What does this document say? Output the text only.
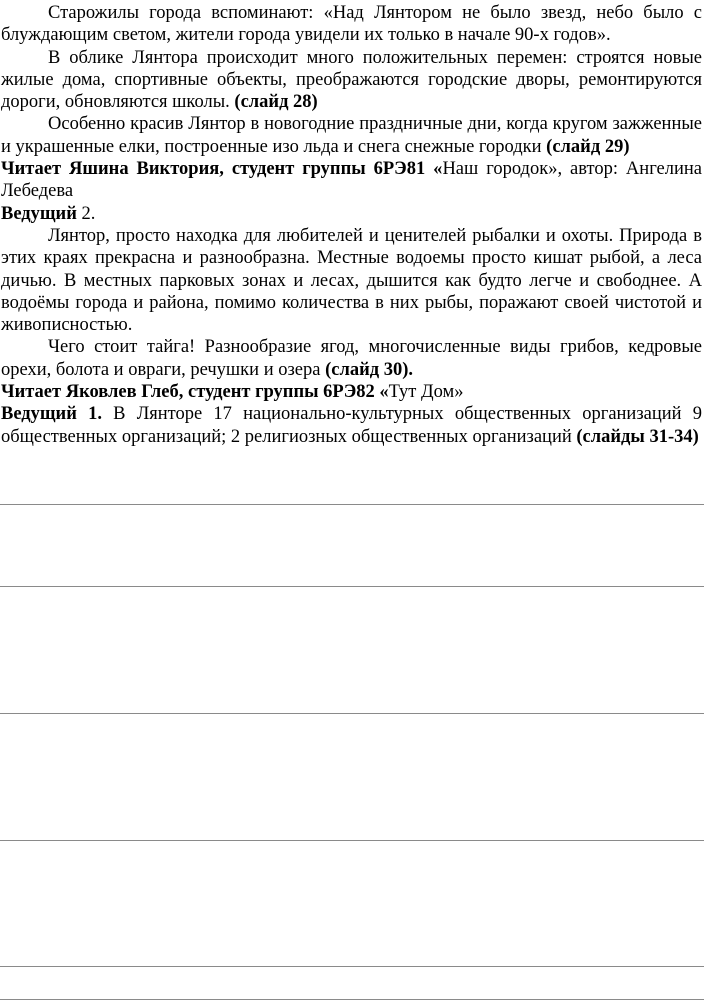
Старожилы города вспоминают: «Над Лянтором не было звезд, небо было с блуждающим светом, жители города увидели их только в начале 90-х годов».

В облике Лянтора происходит много положительных перемен: строятся новые жилые дома, спортивные объекты, преображаются городские дворы, ремонтируются дороги, обновляются школы. (слайд 28)

Особенно красив Лянтор в новогодние праздничные дни, когда кругом зажженные и украшенные елки, построенные изо льда и снега снежные городки (слайд 29)

Читает Яшина Виктория, студент группы 6РЭ81 «Наш городок», автор: Ангелина Лебедева

Ведущий 2.

Лянтор, просто находка для любителей и ценителей рыбалки и охоты. Природа в этих краях прекрасна и разнообразна. Местные водоемы просто кишат рыбой, а леса дичью. В местных парковых зонах и лесах, дышится как будто легче и свободнее. А водоёмы города и района, помимо количества в них рыбы, поражают своей чистотой и живописностью.

Чего стоит тайга! Разнообразие ягод, многочисленные виды грибов, кедровые орехи, болота и овраги, речушки и озера (слайд 30).

Читает Яковлев Глеб, студент группы 6РЭ82 «Тут Дом»

Ведущий 1. В Лянторе 17 национально-культурных общественных организаций 9 общественных организаций; 2 религиозных общественных организаций (слайды 31-34)
